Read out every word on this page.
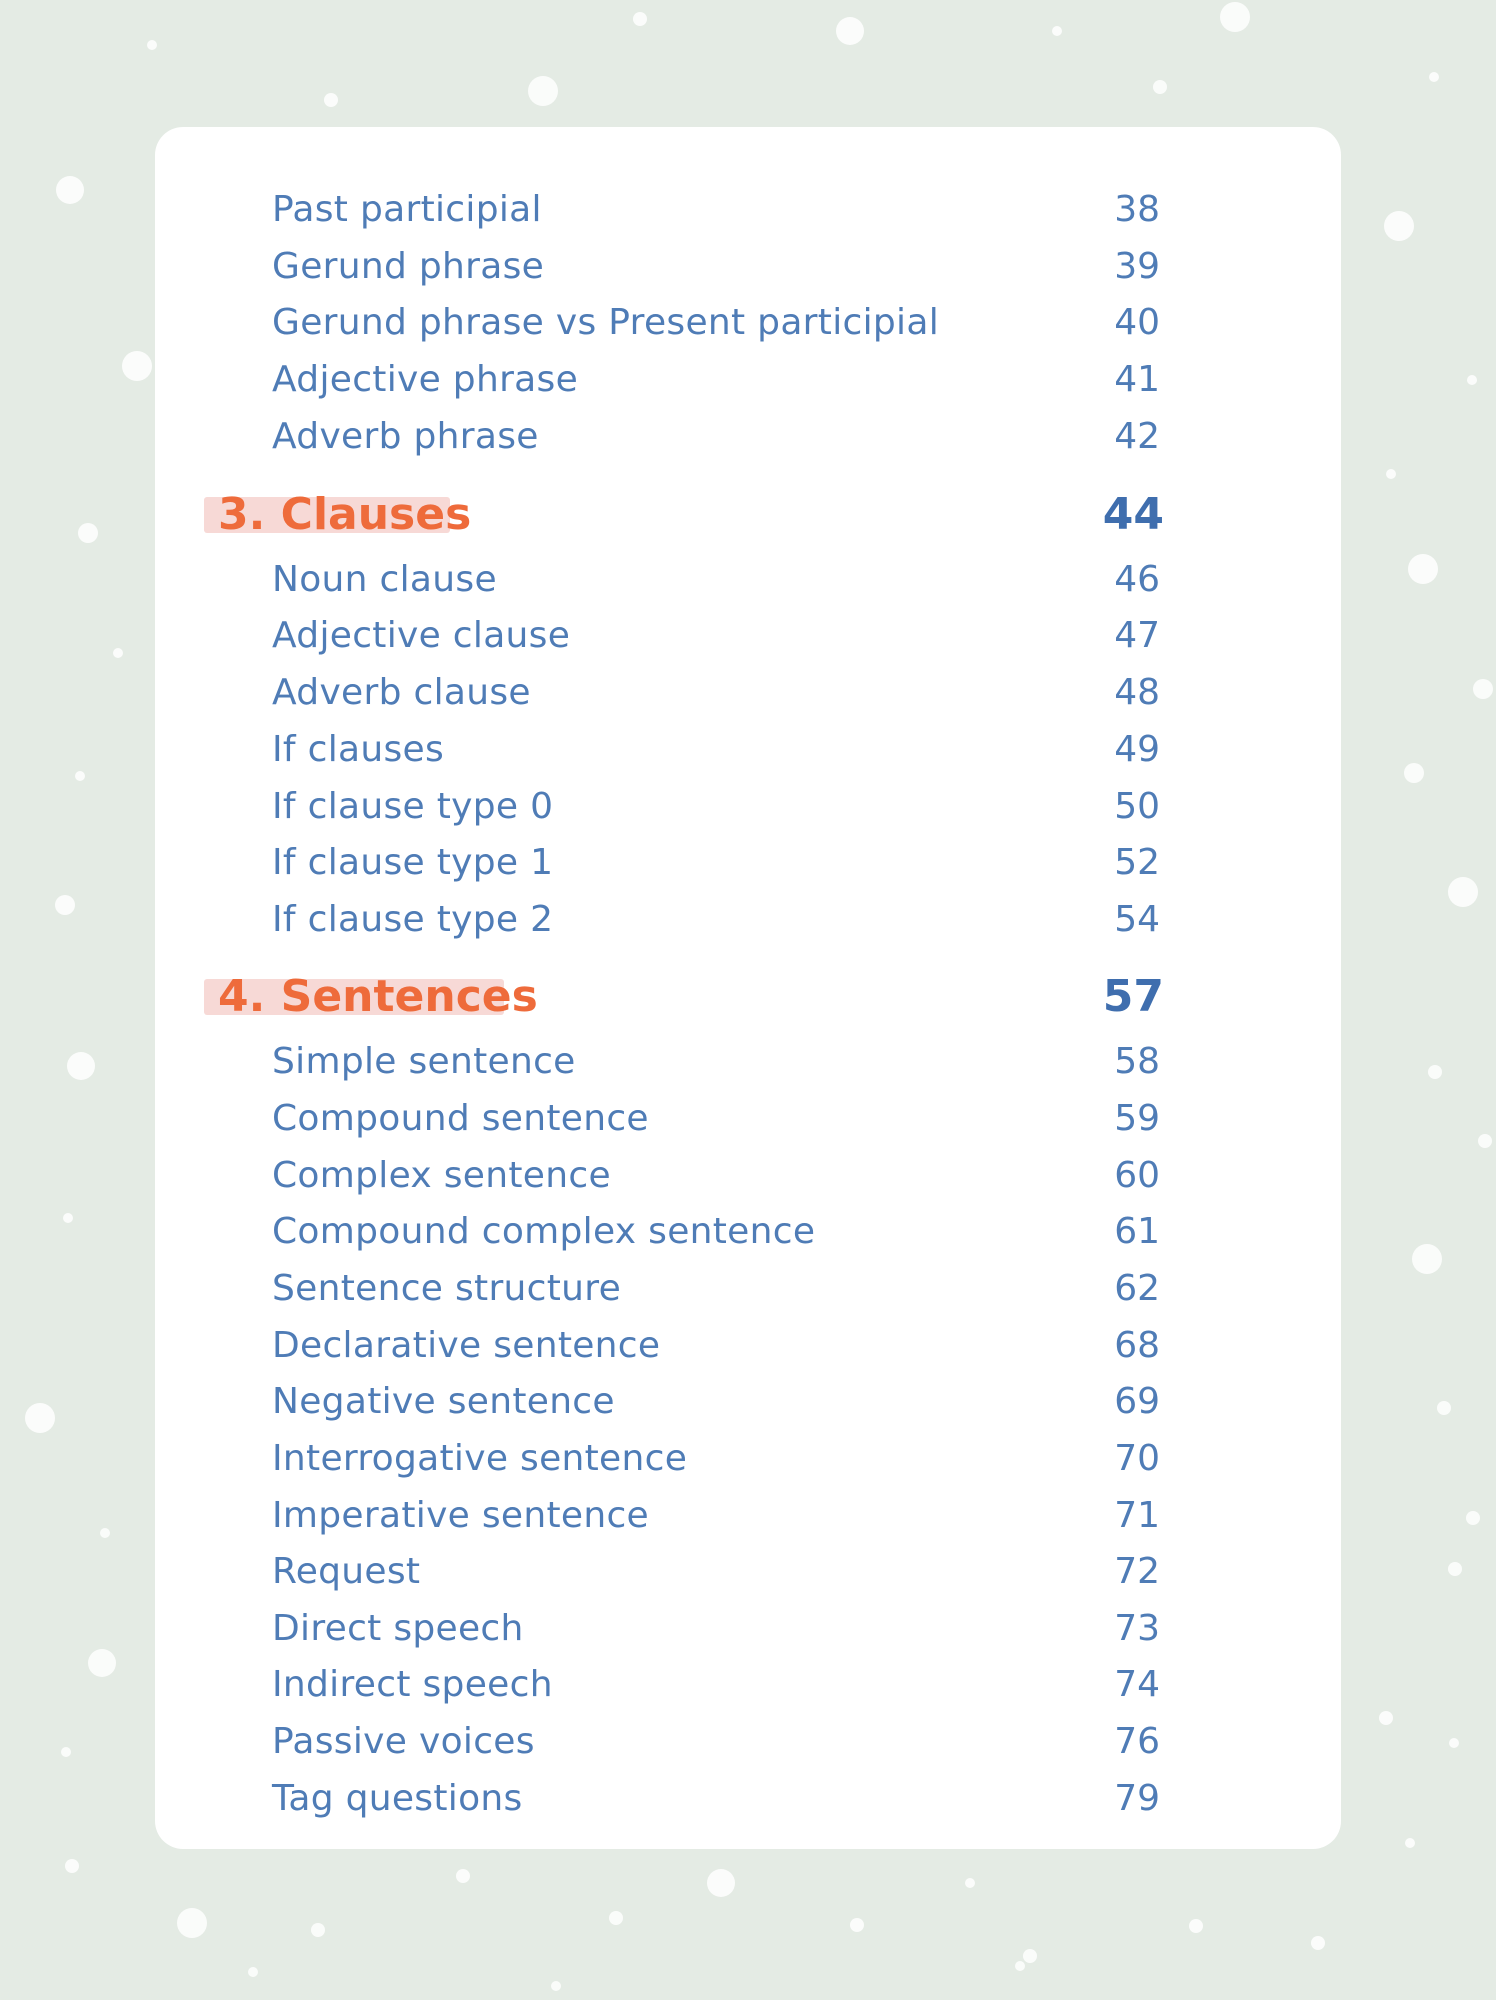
Past participial	38
Gerund phrase	39
Gerund phrase vs Present participial	40
Adjective phrase	41
Adverb phrase	42
3. Clauses	44
Noun clause	46
Adjective clause	47
Adverb clause	48
If clauses	49
If clause type 0	50
If clause type 1	52
If clause type 2	54
4. Sentences	57
Simple sentence	58
Compound sentence	59
Complex sentence	60
Compound complex sentence	61
Sentence structure	62
Declarative sentence	68
Negative sentence	69
Interrogative sentence	70
Imperative sentence	71
Request	72
Direct speech	73
Indirect speech	74
Passive voices	76
Tag questions	79
